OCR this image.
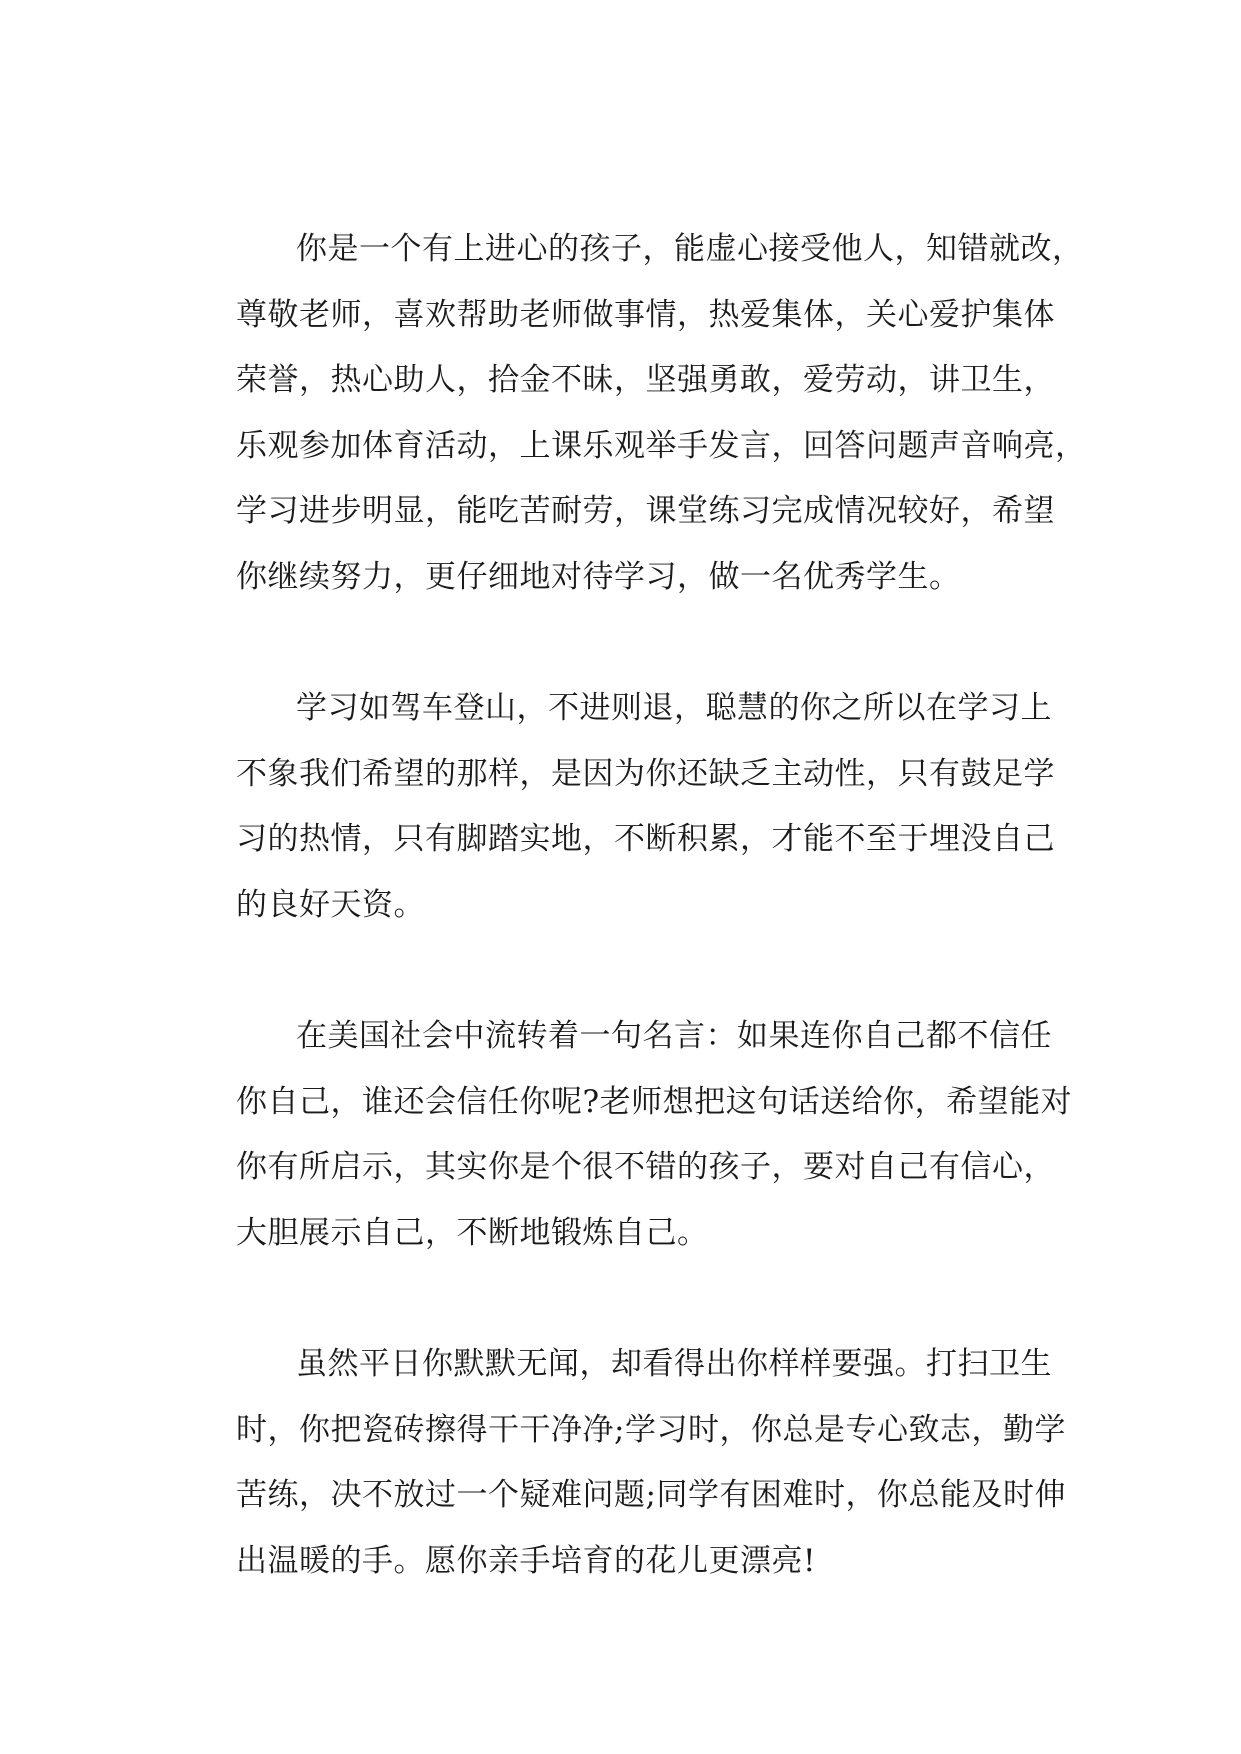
你是一个有上进心的孩子，能虚心接受他人，知错就改，
尊敬老师，喜欢帮助老师做事情，热爱集体，关心爱护集体
荣誉，热心助人，拾金不昧，坚强勇敢，爱劳动，讲卫生，
乐观参加体育活动，上课乐观举手发言，回答问题声音响亮，
学习进步明显，能吃苦耐劳，课堂练习完成情况较好，希望
你继续努力，更仔细地对待学习，做一名优秀学生。
学习如驾车登山，不进则退，聪慧的你之所以在学习上
不象我们希望的那样，是因为你还缺乏主动性，只有鼓足学
习的热情，只有脚踏实地，不断积累，才能不至于埋没自己
的良好天资。
在美国社会中流转着一句名言：如果连你自己都不信任
你自己，谁还会信任你呢?老师想把这句话送给你，希望能对
你有所启示，其实你是个很不错的孩子，要对自己有信心，
大胆展示自己，不断地锻炼自己。
虽然平日你默默无闻，却看得出你样样要强。打扫卫生
时，你把瓷砖擦得干干净净;学习时，你总是专心致志，勤学
苦练，决不放过一个疑难问题;同学有困难时，你总能及时伸
出温暖的手。愿你亲手培育的花儿更漂亮!
